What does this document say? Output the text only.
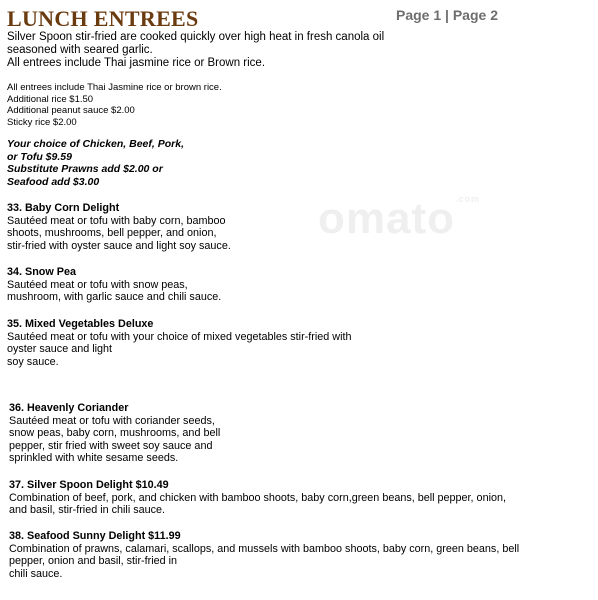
LUNCH ENTREES	Page 1 | Page 2
omato$^{.com}$
Silver Spoon stir-fried are cooked quickly over high heat in fresh canola oil
seasoned with seared garlic.
All entrees include Thai jasmine rice or Brown rice.
All entrees include Thai Jasmine rice or brown rice.
Additional rice $1.50
Additional peanut sauce $2.00
Sticky rice $2.00
Your choice of Chicken, Beef, Pork,
or Tofu $9.59
Substitute Prawns add $2.00 or
Seafood add $3.00
33. Baby Corn Delight
Sautéed meat or tofu with baby corn, bamboo
shoots, mushrooms, bell pepper, and onion,
stir-fried with oyster sauce and light soy sauce.
34. Snow Pea
Sautéed meat or tofu with snow peas,
mushroom, with garlic sauce and chili sauce.
35. Mixed Vegetables Deluxe
Sautéed meat or tofu with your choice of mixed vegetables stir-fried with
oyster sauce and light
soy sauce.
36. Heavenly Coriander
Sautéed meat or tofu with coriander seeds,
snow peas, baby corn, mushrooms, and bell
pepper, stir fried with sweet soy sauce and
sprinkled with white sesame seeds.
37. Silver Spoon Delight $10.49
Combination of beef, pork, and chicken with bamboo shoots, baby corn,green beans, bell pepper, onion,
and basil, stir-fried in chili sauce.
38. Seafood Sunny Delight $11.99
Combination of prawns, calamari, scallops, and mussels with bamboo shoots, baby corn, green beans, bell
pepper, onion and basil, stir-fried in
chili sauce.
